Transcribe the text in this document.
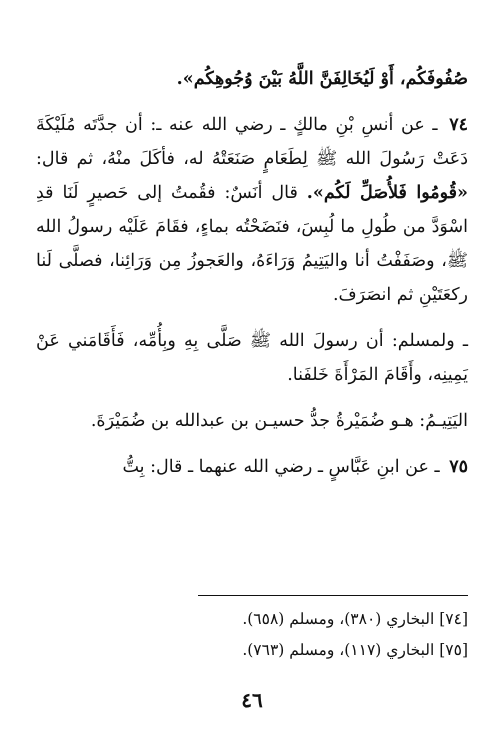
صُفُوفَكُم، أَوْ لَيُخَالِفَنَّ اللَّهُ بَيْنَ وُجُوهِكُم».

٧٤ ـ عن أنسِ بْنِ مالكٍ ـ رضي الله عنه ـ: أن جدَّتَه مُلَيْكَةَ دَعَتْ رَسُولَ الله ﷺ لِطَعَامٍ صَنَعَتْهُ له، فأكَلَ منْهُ، ثم قال: «قُومُوا فَلأُصَلِّ لَكُم». قال أنَسٌ: فقُمتُ إلى حَصيرٍ لَنَا قدِ اسْوَدَّ من طُولِ ما لُبِسَ، فنَضَحْتُه بماءٍ، فقَامَ عَلَيْه رسولُ الله ﷺ، وصَفَفْتُ أنا واليَتِيمُ وَرَاءَهُ، والعَجوزُ مِن وَرَائِنا، فصلَّى لَنا ركعَتَيْنِ ثم انصَرَفَ.

ـ ولمسلم: أن رسولَ الله ﷺ صَلَّى بِهِ وبِأُمِّه، فَأَقَامَني عَنْ يَمِينِه، وأَقَامَ المَرْأَةَ خَلفَنا.

اليَتِيـمُ: هـو ضُمَيْرةُ جدُّ حسيـن بن عبدالله بن ضُمَيْرَةَ.

٧٥ ـ عن ابنِ عَبَّاسٍ ـ رضي الله عنهما ـ قال: بِتُّ

[٧٤] البخاري (٣٨٠)، ومسلم (٦٥٨).

[٧٥] البخاري (١١٧)، ومسلم (٧٦٣).

٤٦
